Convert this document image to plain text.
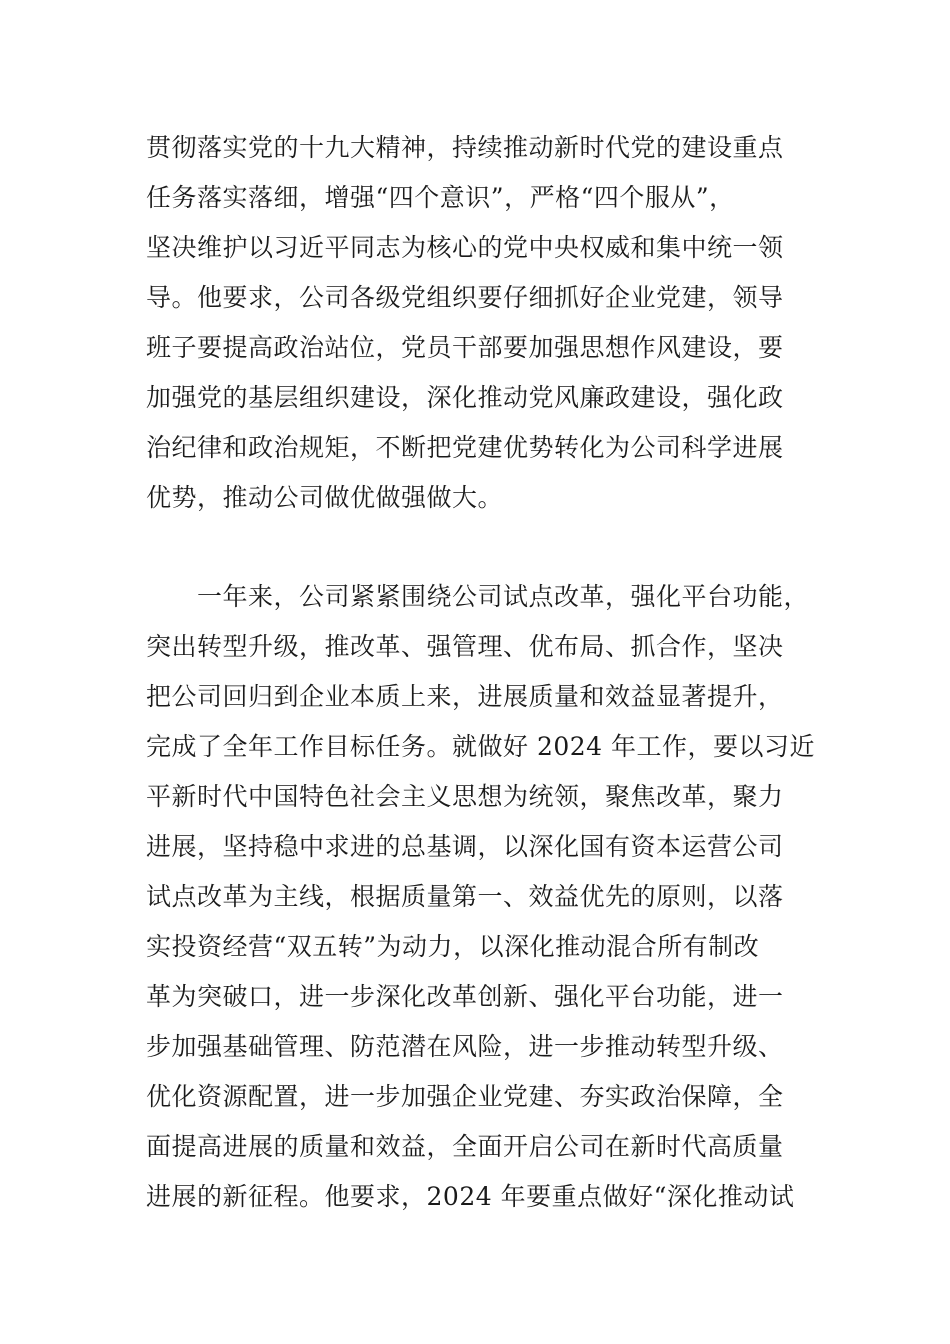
贯彻落实党的十九大精神，持续推动新时代党的建设重点
任务落实落细，增强“四个意识”，严格“四个服从”，
坚决维护以习近平同志为核心的党中央权威和集中统一领
导。他要求，公司各级党组织要仔细抓好企业党建，领导
班子要提高政治站位，党员干部要加强思想作风建设，要
加强党的基层组织建设，深化推动党风廉政建设，强化政
治纪律和政治规矩，不断把党建优势转化为公司科学进展
优势，推动公司做优做强做大。
　　一年来，公司紧紧围绕公司试点改革，强化平台功能，
突出转型升级，推改革、强管理、优布局、抓合作，坚决
把公司回归到企业本质上来，进展质量和效益显著提升，
完成了全年工作目标任务。就做好 2024 年工作，要以习近
平新时代中国特色社会主义思想为统领，聚焦改革，聚力
进展，坚持稳中求进的总基调，以深化国有资本运营公司
试点改革为主线，根据质量第一、效益优先的原则，以落
实投资经营“双五转”为动力，以深化推动混合所有制改
革为突破口，进一步深化改革创新、强化平台功能，进一
步加强基础管理、防范潜在风险，进一步推动转型升级、
优化资源配置，进一步加强企业党建、夯实政治保障，全
面提高进展的质量和效益，全面开启公司在新时代高质量
进展的新征程。他要求，2024 年要重点做好“深化推动试
